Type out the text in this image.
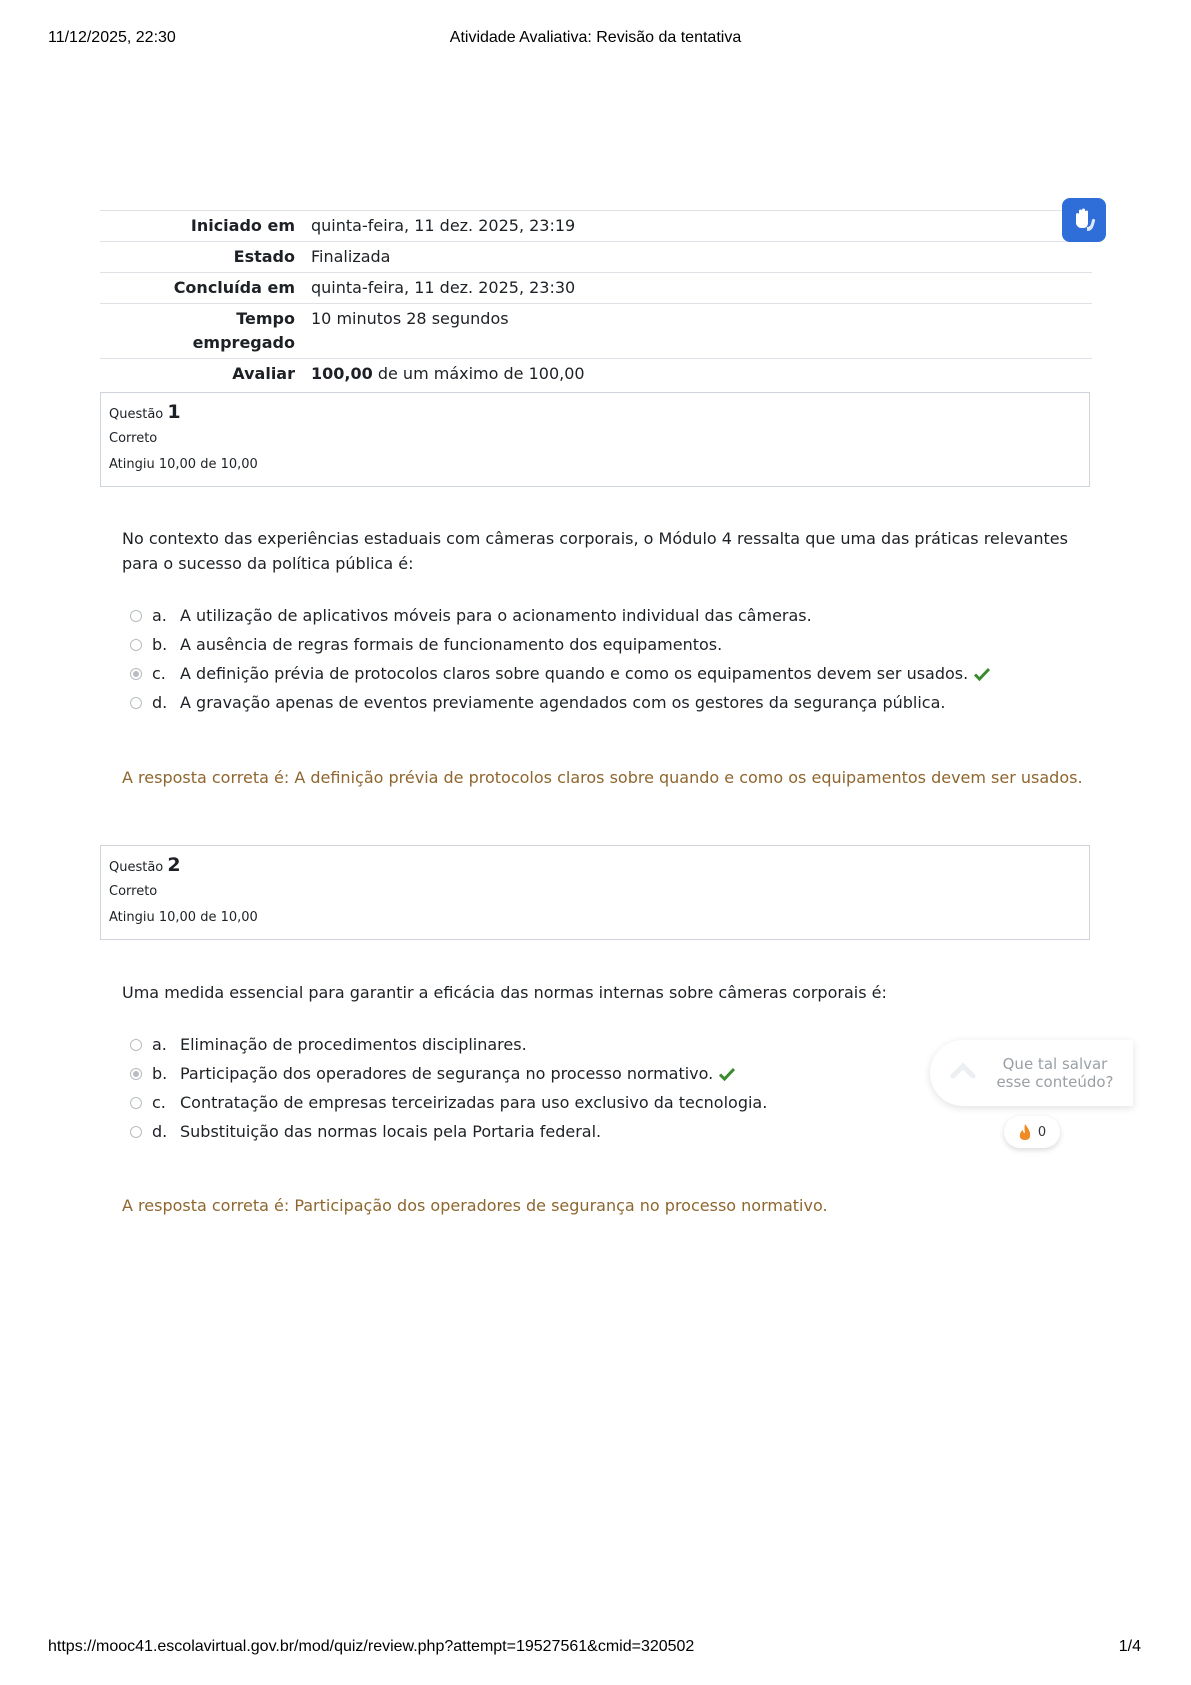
11/12/2025, 22:30	Atividade Avaliativa: Revisão da tentativa
Iniciado em	quinta-feira, 11 dez. 2025, 23:19
Estado	Finalizada
Concluída em	quinta-feira, 11 dez. 2025, 23:30
Tempo empregado	10 minutos 28 segundos
Avaliar	100,00 de um máximo de 100,00
Questão 1
Correto
Atingiu 10,00 de 10,00
No contexto das experiências estaduais com câmeras corporais, o Módulo 4 ressalta que uma das práticas relevantes para o sucesso da política pública é:
a. A utilização de aplicativos móveis para o acionamento individual das câmeras.
b. A ausência de regras formais de funcionamento dos equipamentos.
c. A definição prévia de protocolos claros sobre quando e como os equipamentos devem ser usados.
d. A gravação apenas de eventos previamente agendados com os gestores da segurança pública.
A resposta correta é: A definição prévia de protocolos claros sobre quando e como os equipamentos devem ser usados.
Questão 2
Correto
Atingiu 10,00 de 10,00
Uma medida essencial para garantir a eficácia das normas internas sobre câmeras corporais é:
a. Eliminação de procedimentos disciplinares.
b. Participação dos operadores de segurança no processo normativo.
c. Contratação de empresas terceirizadas para uso exclusivo da tecnologia.
d. Substituição das normas locais pela Portaria federal.
A resposta correta é: Participação dos operadores de segurança no processo normativo.
Que tal salvar esse conteúdo?
0
https://mooc41.escolavirtual.gov.br/mod/quiz/review.php?attempt=19527561&cmid=320502	1/4
